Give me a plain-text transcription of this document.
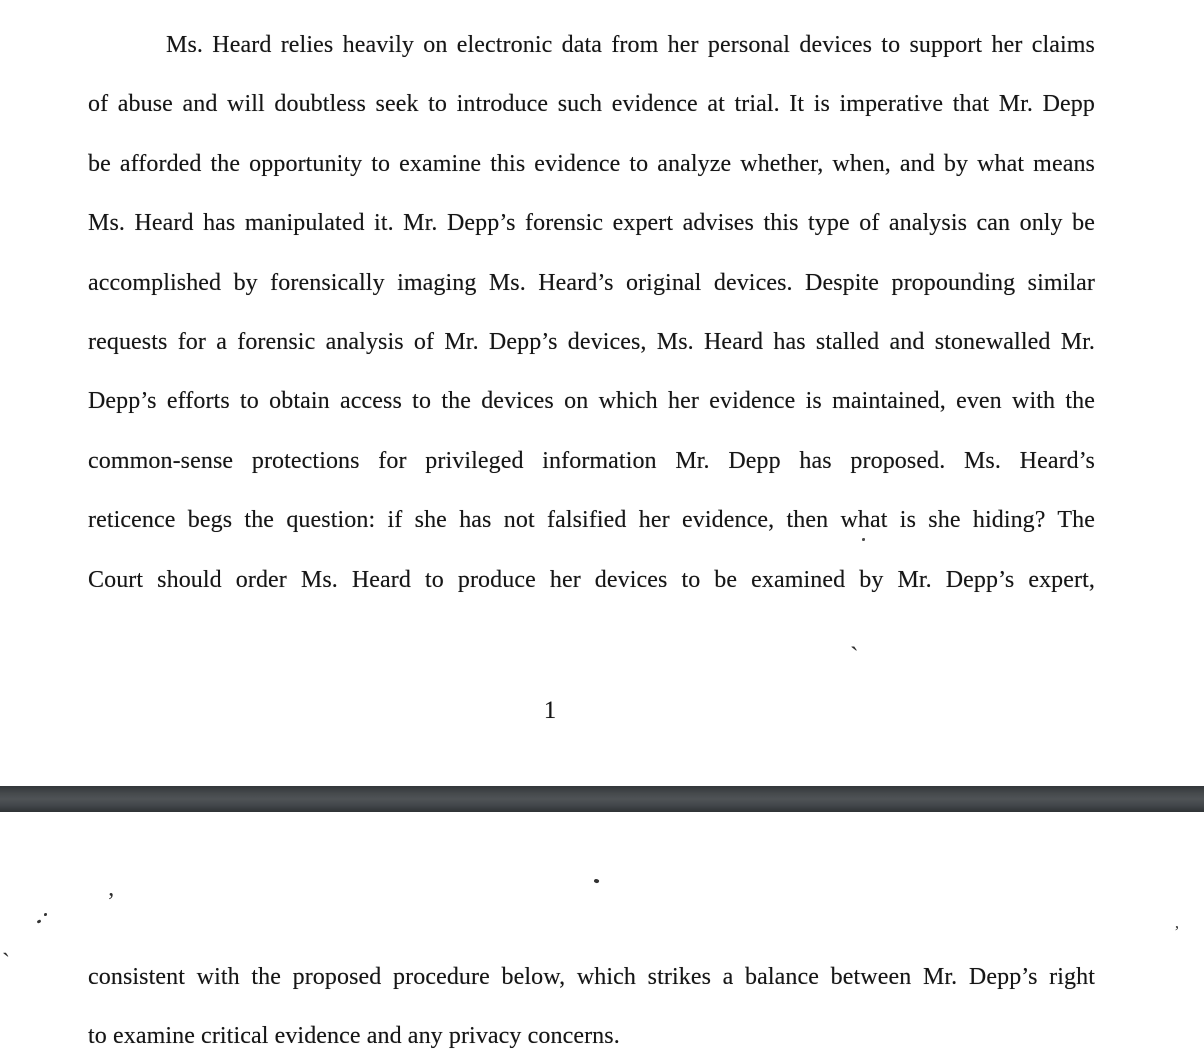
Ms. Heard relies heavily on electronic data from her personal devices to support her claims
of abuse and will doubtless seek to introduce such evidence at trial. It is imperative that Mr. Depp
be afforded the opportunity to examine this evidence to analyze whether, when, and by what means
Ms. Heard has manipulated it. Mr. Depp’s forensic expert advises this type of analysis can only be
accomplished by forensically imaging Ms. Heard’s original devices. Despite propounding similar
requests for a forensic analysis of Mr. Depp’s devices, Ms. Heard has stalled and stonewalled Mr.
Depp’s efforts to obtain access to the devices on which her evidence is maintained, even with the
common-sense protections for privileged information Mr. Depp has proposed. Ms. Heard’s
reticence begs the question: if she has not falsified her evidence, then what is she hiding? The
Court should order Ms. Heard to produce her devices to be examined by Mr. Depp’s expert,
1
consistent with the proposed procedure below, which strikes a balance between Mr. Depp’s right
to examine critical evidence and any privacy concerns.
`
’
`
’
